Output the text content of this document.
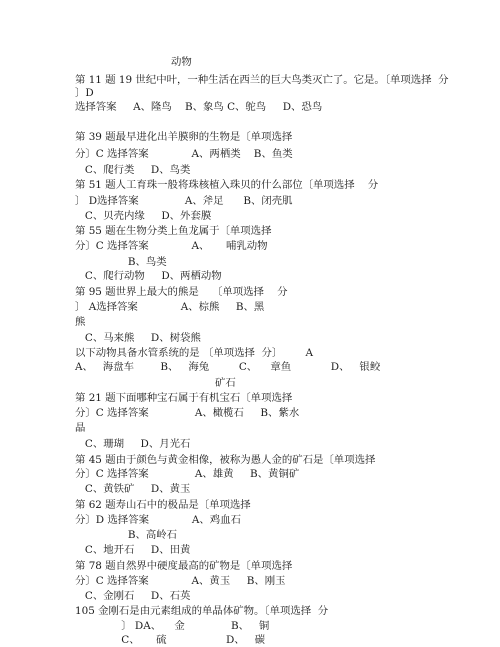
动物
第 11 题 19 世纪中叶，一种生活在西兰的巨大鸟类灭亡了。它是。〔单项选择  分
〕D
选择答案     A、隆鸟    B、象鸟 C、鸵鸟     D、恐鸟
第 39 题最早进化出羊膜卵的生物是〔单项选择
分〕C 选择答案             A、两栖类    B、鱼类
C、爬行类     D、鸟类
第 51 题人工育珠一般将珠核植入珠贝的什么部位〔单项选择    分
〕 D选择答案              A、斧足      B、闭壳肌
C、贝壳内缘     D、外套膜
第 55 题在生物分类上鱼龙属于〔单项选择
分〕C 选择答案             A、     哺乳动物
B、鸟类
C、爬行动物     D、两栖动物
第 95 题世界上最大的熊是    〔单项选择    分
〕 A选择答案             A、棕熊     B、黑
熊
C、马来熊     D、树袋熊
以下动物具备水管系统的是 〔单项选择  分〕       A
A、   海盘车        B、   海兔         C、    章鱼            D、   银鲛
矿石
第 21 题下面哪种宝石属于有机宝石〔单项选择
分〕C 选择答案              A、橄榄石     B、紫水
晶
C、珊瑚     D、月光石
第 45 题由于颜色与黄金相像，被称为愚人金的矿石是〔单项选择
分〕C 选择答案              A、雄黄     B、黄铜矿
C、黄铁矿     D、黄玉
第 62 题寿山石中的极品是〔单项选择
分〕D 选择答案             A、鸡血石
B、高岭石
C、地开石     D、田黄
第 78 题自然界中硬度最高的矿物是〔单项选择
分〕C 选择答案             A、黄玉     B、刚玉
C、金刚石     D、石英
105 金刚石是由元素组成的单晶体矿物。〔单项选择  分
〕 DA、    金              B、   铜
C、     硫                  D、   碳
